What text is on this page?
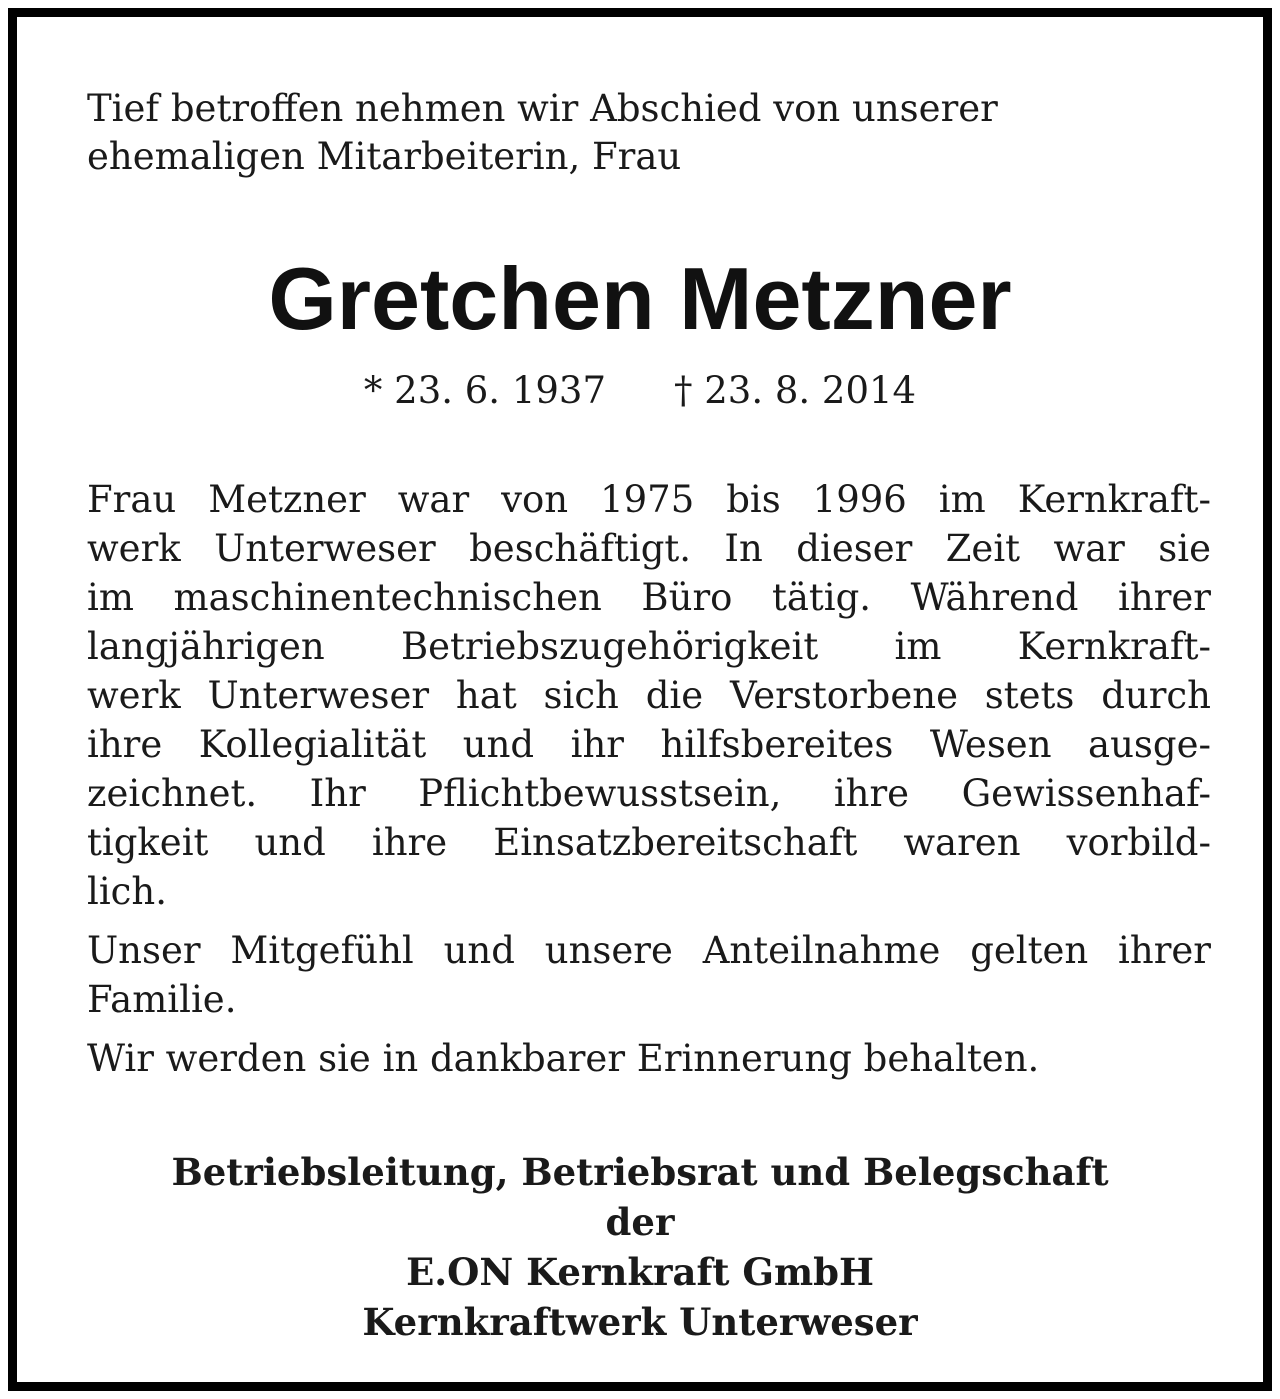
Tief betroffen nehmen wir Abschied von unserer
ehemaligen Mitarbeiterin, Frau

Gretchen Metzner

* 23. 6. 1937 † 23. 8. 2014

Frau Metzner war von 1975 bis 1996 im Kernkraft-
werk Unterweser beschäftigt. In dieser Zeit war sie
im maschinentechnischen Büro tätig. Während ihrer
langjährigen Betriebszugehörigkeit im Kernkraft-
werk Unterweser hat sich die Verstorbene stets durch
ihre Kollegialität und ihr hilfsbereites Wesen ausge-
zeichnet. Ihr Pflichtbewusstsein, ihre Gewissenhaf-
tigkeit und ihre Einsatzbereitschaft waren vorbild-
lich.
Unser Mitgefühl und unsere Anteilnahme gelten ihrer
Familie.
Wir werden sie in dankbarer Erinnerung behalten.

Betriebsleitung, Betriebsrat und Belegschaft
der
E.ON Kernkraft GmbH
Kernkraftwerk Unterweser
